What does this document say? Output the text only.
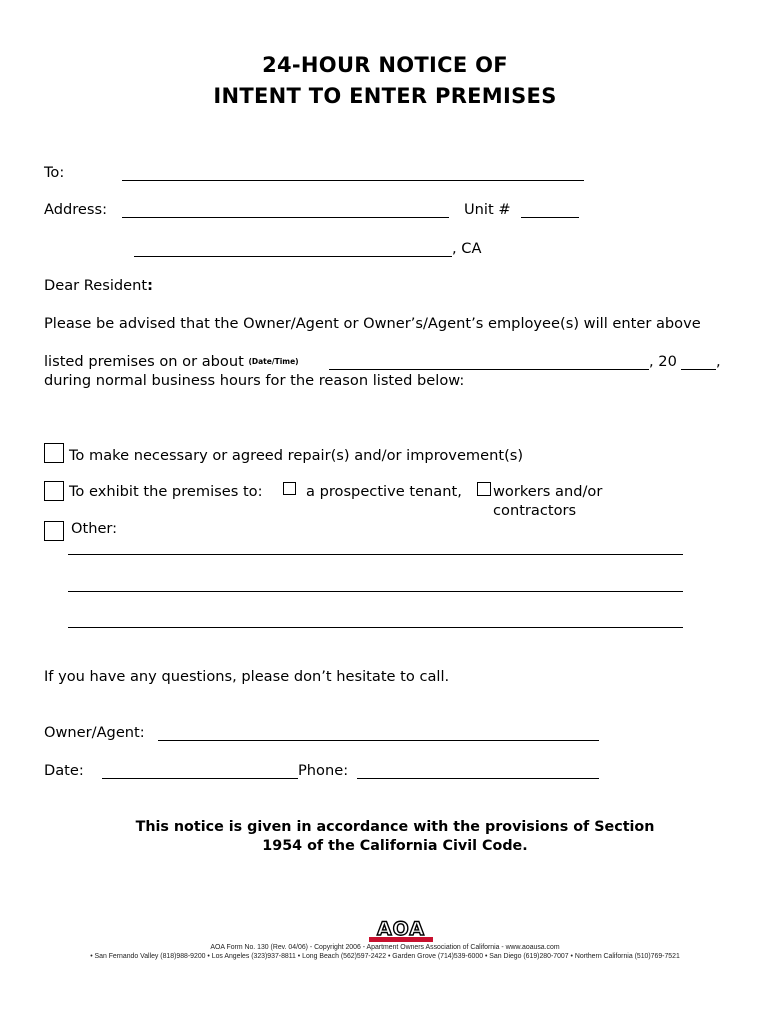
24-HOUR NOTICE OF
INTENT TO ENTER PREMISES
To:
Address:	Unit #
, CA
Dear Resident:
Please be advised that the Owner/Agent or Owner’s/Agent’s employee(s) will enter above
listed premises on or about (Date/Time)	, 20	,
during normal business hours for the reason listed below:
To make necessary or agreed repair(s) and/or improvement(s)
To exhibit the premises to:	a prospective tenant, workers and/or
contractors
Other:
If you have any questions, please don’t hesitate to call.
Owner/Agent:
Date:	Phone:
This notice is given in accordance with the provisions of Section
1954 of the California Civil Code.
AOA
AOA Form No. 130 (Rev. 04/06) - Copyright 2006 - Apartment Owners Association of California - www.aoausa.com
• San Fernando Valley (818)988-9200 • Los Angeles (323)937-8811 • Long Beach (562)597-2422 • Garden Grove (714)539-6000 • San Diego (619)280-7007 • Northern California (510)769-7521
